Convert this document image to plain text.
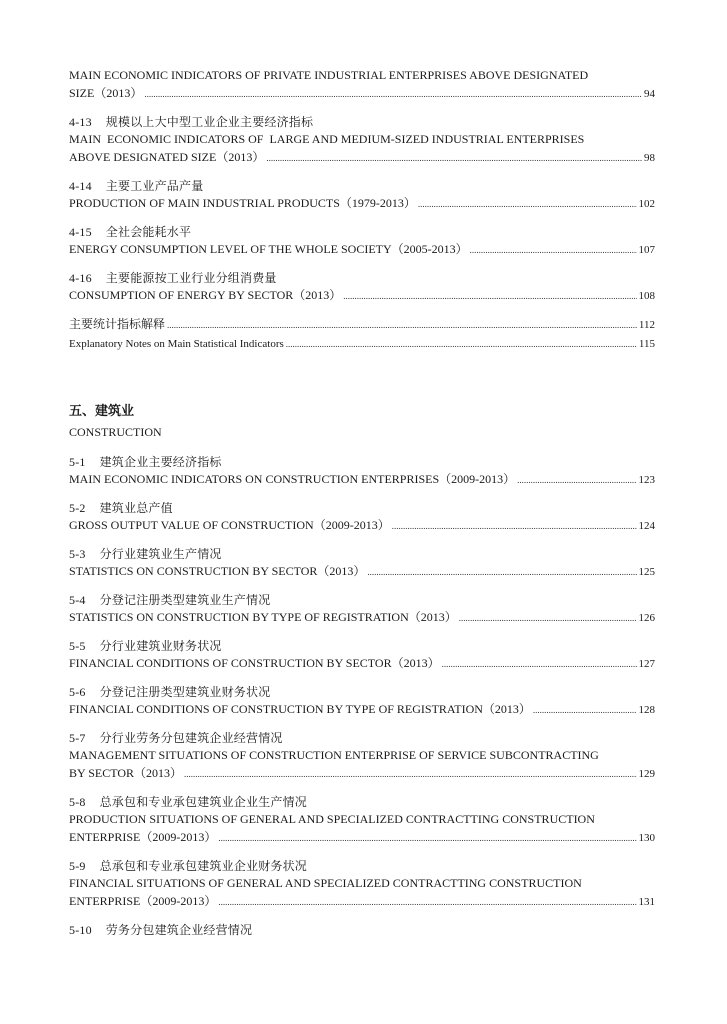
MAIN ECONOMIC INDICATORS OF PRIVATE INDUSTRIAL ENTERPRISES ABOVE DESIGNATED
SIZE（2013） .....	94
4-13 规模以上大中型工业企业主要经济指标
MAIN  ECONOMIC INDICATORS OF  LARGE AND MEDIUM-SIZED INDUSTRIAL ENTERPRISES
ABOVE DESIGNATED SIZE（2013） .....	98
4-14 主要工业产品产量
PRODUCTION OF MAIN INDUSTRIAL PRODUCTS（1979-2013） .....	102
4-15 全社会能耗水平
ENERGY CONSUMPTION LEVEL OF THE WHOLE SOCIETY（2005-2013） .....	107
4-16 主要能源按工业行业分组消费量
CONSUMPTION OF ENERGY BY SECTOR（2013） .....	108
主要统计指标解释 .....	112
Explanatory Notes on Main Statistical Indicators .....	115
五、建筑业
CONSTRUCTION
5-1 建筑企业主要经济指标
MAIN ECONOMIC INDICATORS ON CONSTRUCTION ENTERPRISES（2009-2013） .....	123
5-2 建筑业总产值
GROSS OUTPUT VALUE OF CONSTRUCTION（2009-2013） .....	124
5-3 分行业建筑业生产情况
STATISTICS ON CONSTRUCTION BY SECTOR（2013） .....	125
5-4 分登记注册类型建筑业生产情况
STATISTICS ON CONSTRUCTION BY TYPE OF REGISTRATION（2013） .....	126
5-5 分行业建筑业财务状况
FINANCIAL CONDITIONS OF CONSTRUCTION BY SECTOR（2013） .....	127
5-6 分登记注册类型建筑业财务状况
FINANCIAL CONDITIONS OF CONSTRUCTION BY TYPE OF REGISTRATION（2013） .....	128
5-7 分行业劳务分包建筑企业经营情况
MANAGEMENT SITUATIONS OF CONSTRUCTION ENTERPRISE OF SERVICE SUBCONTRACTING
BY SECTOR（2013） .....	129
5-8 总承包和专业承包建筑业企业生产情况
PRODUCTION SITUATIONS OF GENERAL AND SPECIALIZED CONTRACTTING CONSTRUCTION
ENTERPRISE（2009-2013） .....	130
5-9 总承包和专业承包建筑业企业财务状况
FINANCIAL SITUATIONS OF GENERAL AND SPECIALIZED CONTRACTTING CONSTRUCTION
ENTERPRISE（2009-2013） .....	131
5-10 劳务分包建筑企业经营情况
